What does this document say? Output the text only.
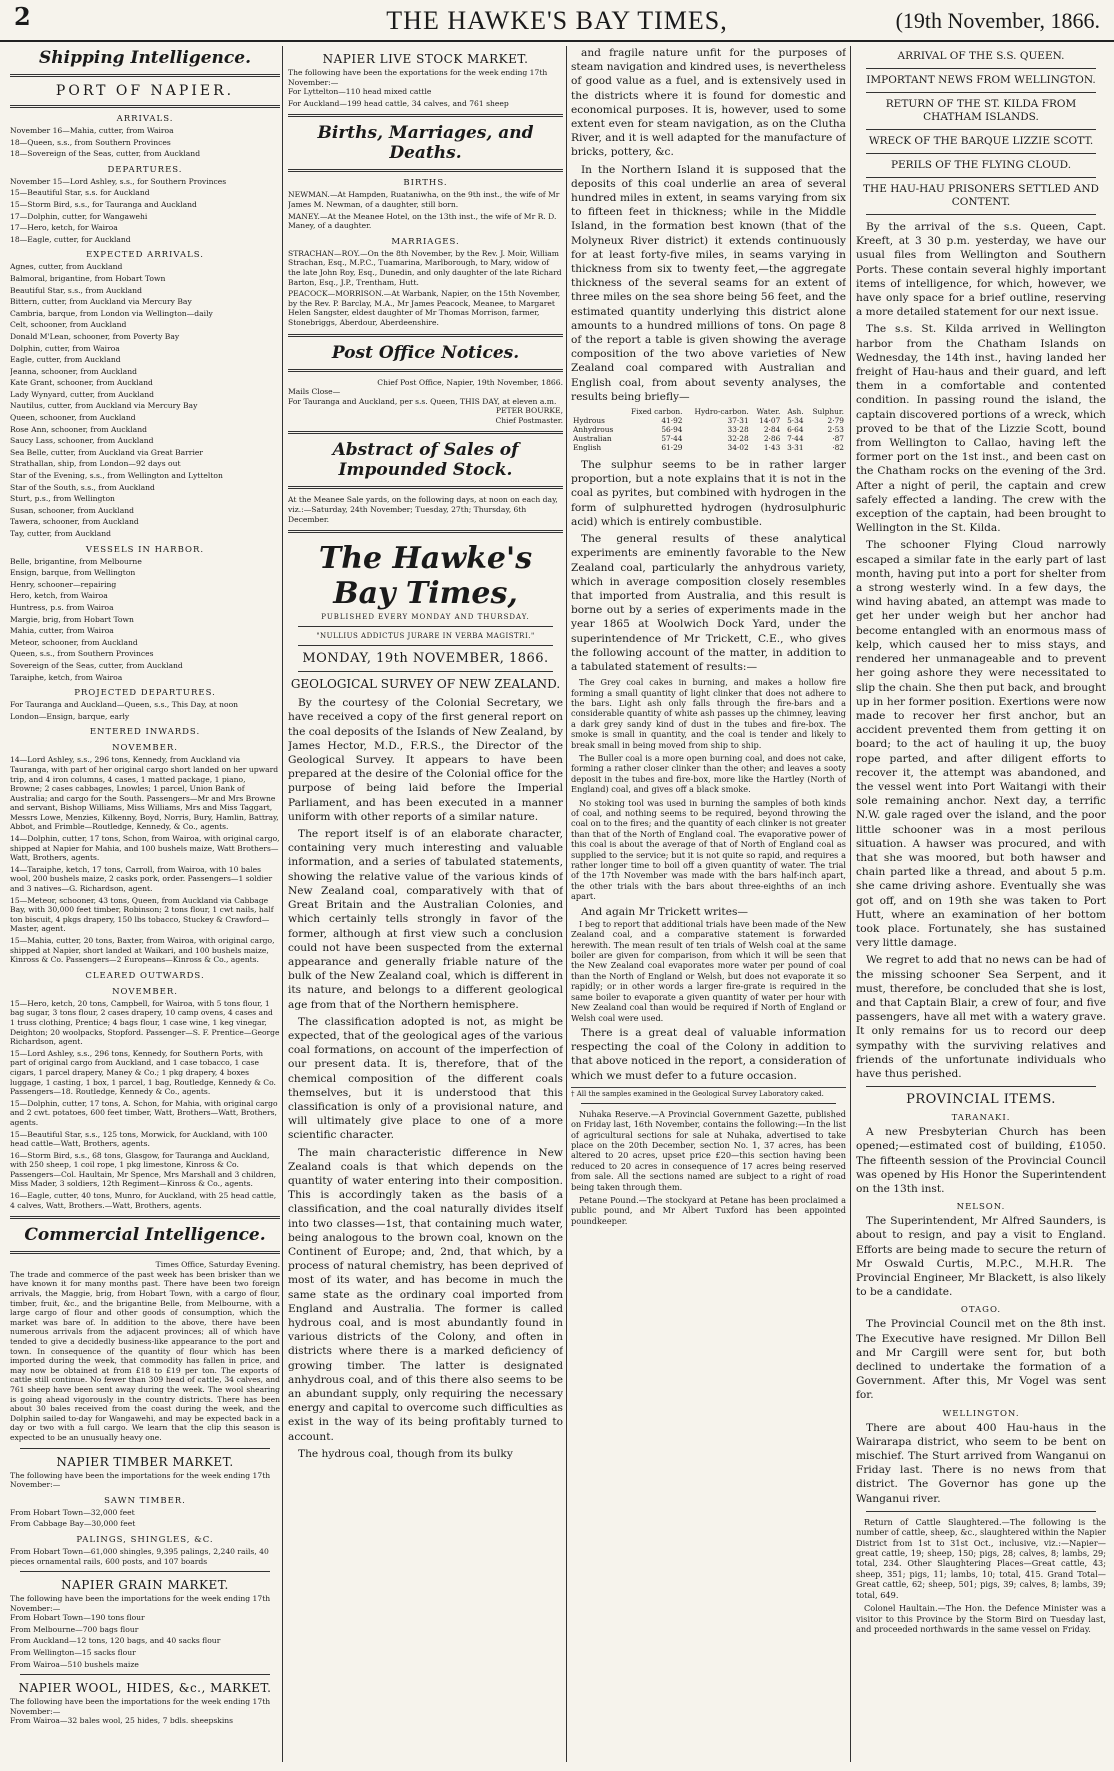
2	THE HAWKE'S BAY TIMES,	(19th November, 1866.
Shipping Intelligence.
PORT OF NAPIER.
ARRIVALS.

November 16—Mahia, cutter, from Wairoa

18—Queen, s.s., from Southern Provinces

18—Sovereign of the Seas, cutter, from Auckland

DEPARTURES.

November 15—Lord Ashley, s.s., for Southern Provinces

15—Beautiful Star, s.s. for Auckland

15—Storm Bird, s.s., for Tauranga and Auckland

17—Dolphin, cutter, for Wangawehi

17—Hero, ketch, for Wairoa

18—Eagle, cutter, for Auckland

EXPECTED ARRIVALS.

Agnes, cutter, from Auckland

Balmoral, brigantine, from Hobart Town

Beautiful Star, s.s., from Auckland

Bittern, cutter, from Auckland via Mercury Bay

Cambria, barque, from London via Wellington—daily

Celt, schooner, from Auckland

Donald M'Lean, schooner, from Poverty Bay

Dolphin, cutter, from Wairoa

Eagle, cutter, from Auckland

Jeanna, schooner, from Auckland

Kate Grant, schooner, from Auckland

Lady Wynyard, cutter, from Auckland

Nautilus, cutter, from Auckland via Mercury Bay

Queen, schooner, from Auckland

Rose Ann, schooner, from Auckland

Saucy Lass, schooner, from Auckland

Sea Belle, cutter, from Auckland via Great Barrier

Strathallan, ship, from London—92 days out

Star of the Evening, s.s., from Wellington and Lyttelton

Star of the South, s.s., from Auckland

Sturt, p.s., from Wellington

Susan, schooner, from Auckland

Tawera, schooner, from Auckland

Tay, cutter, from Auckland

VESSELS IN HARBOR.

Belle, brigantine, from Melbourne

Ensign, barque, from Wellington

Henry, schooner—repairing

Hero, ketch, from Wairoa

Huntress, p.s. from Wairoa

Margie, brig, from Hobart Town

Mahia, cutter, from Wairoa

Meteor, schooner, from Auckland

Queen, s.s., from Southern Provinces

Sovereign of the Seas, cutter, from Auckland

Taraiphe, ketch, from Wairoa

PROJECTED DEPARTURES.

For Tauranga and Auckland—Queen, s.s., This Day, at noon

London—Ensign, barque, early

ENTERED INWARDS.
NOVEMBER.

14—Lord Ashley, s.s., 296 tons, Kennedy, from Auckland via Tauranga, with part of her original cargo short landed on her upward trip, and 4 iron columns, 4 cases, 1 matted package, 1 piano, Browne; 2 cases cabbages, Lnowles; 1 parcel, Union Bank of Australia; and cargo for the South. Passengers—Mr and Mrs Browne and servant, Bishop Williams, Miss Williams, Mrs and Miss Taggart, Messrs Lowe, Menzies, Kilkenny, Boyd, Norris, Bury, Hamlin, Battray, Abbot, and Frimble—Routledge, Kennedy, & Co., agents.

14—Dolphin, cutter, 17 tons, Schon, from Wairoa, with original cargo, shipped at Napier for Mahia, and 100 bushels maize, Watt Brothers—Watt, Brothers, agents.

14—Taraiphe, ketch, 17 tons, Carroll, from Wairoa, with 10 bales wool, 200 bushels maize, 2 casks pork, order. Passengers—1 soldier and 3 natives—G. Richardson, agent.

15—Meteor, schooner, 43 tons, Queen, from Auckland via Cabbage Bay, with 30,000 feet timber, Robinson; 2 tons flour, 1 cwt nails, half ton biscuit, 4 pkgs drapery, 150 lbs tobacco, Stuckey & Crawford—Master, agent.

15—Mahia, cutter, 20 tons, Baxter, from Wairoa, with original cargo, shipped at Napier, short landed at Waikari, and 100 bushels maize, Kinross & Co. Passengers—2 Europeans—Kinross & Co., agents.

CLEARED OUTWARDS.
NOVEMBER.

15—Hero, ketch, 20 tons, Campbell, for Wairoa, with 5 tons flour, 1 bag sugar, 3 tons flour, 2 cases drapery, 10 camp ovens, 4 cases and 1 truss clothing, Prentice; 4 bags flour, 1 case wine, 1 keg vinegar, Deighton; 20 woolpacks, Stopford. Passenger—S. F. Prentice—George Richardson, agent.

15—Lord Ashley, s.s., 296 tons, Kennedy, for Southern Ports, with part of original cargo from Auckland, and 1 case tobacco, 1 case cigars, 1 parcel drapery, Maney & Co.; 1 pkg drapery, 4 boxes luggage, 1 casting, 1 box, 1 parcel, 1 bag, Routledge, Kennedy & Co. Passengers—18. Routledge, Kennedy & Co., agents.

15—Dolphin, cutter, 17 tons, A. Schon, for Mahia, with original cargo and 2 cwt. potatoes, 600 feet timber, Watt, Brothers—Watt, Brothers, agents.

15—Beautiful Star, s.s., 125 tons, Morwick, for Auckland, with 100 head cattle—Watt, Brothers, agents.

16—Storm Bird, s.s., 68 tons, Glasgow, for Tauranga and Auckland, with 250 sheep, 1 coil rope, 1 pkg limestone, Kinross & Co. Passengers—Col. Haultain, Mr Spence, Mrs Marshall and 3 children, Miss Mader, 3 soldiers, 12th Regiment—Kinross & Co., agents.

16—Eagle, cutter, 40 tons, Munro, for Auckland, with 25 head cattle, 4 calves, Watt, Brothers.—Watt, Brothers, agents.

Commercial Intelligence.
Times Office, Saturday Evening.
The trade and commerce of the past week has been brisker than we have known it for many months past. There have been two foreign arrivals, the Maggie, brig, from Hobart Town, with a cargo of flour, timber, fruit, &c., and the brigantine Belle, from Melbourne, with a large cargo of flour and other goods of consumption, which the market was bare of. In addition to the above, there have been numerous arrivals from the adjacent provinces; all of which have tended to give a decidedly business-like appearance to the port and town. In consequence of the quantity of flour which has been imported during the week, that commodity has fallen in price, and may now be obtained at from £18 to £19 per ton. The exports of cattle still continue. No fewer than 309 head of cattle, 34 calves, and 761 sheep have been sent away during the week. The wool shearing is going ahead vigorously in the country districts. There has been about 30 bales received from the coast during the week, and the Dolphin sailed to-day for Wangawehi, and may be expected back in a day or two with a full cargo. We learn that the clip this season is expected to be an unusually heavy one.
NAPIER TIMBER MARKET.
The following have been the importations for the week ending 17th November:—
SAWN TIMBER.

From Hobart Town—32,000 feet

From Cabbage Bay—30,000 feet

PALINGS, SHINGLES, &C.
From Hobart Town—61,000 shingles, 9,395 palings, 2,240 rails, 40 pieces ornamental rails, 600 posts, and 107 boards
NAPIER GRAIN MARKET.
The following have been the importations for the week ending 17th November:—

From Hobart Town—190 tons flour

From Melbourne—700 bags flour

From Auckland—12 tons, 120 bags, and 40 sacks flour

From Wellington—15 sacks flour

From Wairoa—510 bushels maize

NAPIER WOOL, HIDES, &c., MARKET.
The following have been the importations for the week ending 17th November:—
From Wairoa—32 bales wool, 25 hides, 7 bdls. sheepskins
NAPIER LIVE STOCK MARKET.
The following have been the exportations for the week ending 17th November:—

For Lyttelton—110 head mixed cattle

For Auckland—199 head cattle, 34 calves, and 761 sheep

Births, Marriages, and Deaths.
BIRTHS.

NEWMAN.—At Hampden, Ruataniwha, on the 9th inst., the wife of Mr James M. Newman, of a daughter, still born.

MANEY.—At the Meanee Hotel, on the 13th inst., the wife of Mr R. D. Maney, of a daughter.

MARRIAGES.

STRACHAN—ROY.—On the 8th November, by the Rev. J. Moir, William Strachan, Esq., M.P.C., Tuamarina, Marlborough, to Mary, widow of the late John Roy, Esq., Dunedin, and only daughter of the late Richard Barton, Esq., J.P., Trentham, Hutt.

PEACOCK—MORRISON.—At Warbank, Napier, on the 15th November, by the Rev. P. Barclay, M.A., Mr James Peacock, Meanee, to Margaret Helen Sangster, eldest daughter of Mr Thomas Morrison, farmer, Stonebriggs, Aberdour, Aberdeenshire.

Post Office Notices.
Chief Post Office, Napier, 19th November, 1866.
Mails Close—
For Tauranga and Auckland, per s.s. Queen, THIS DAY, at eleven a.m.
PETER BOURKE,
Chief Postmaster.
Abstract of Sales of Impounded Stock.
At the Meanee Sale yards, on the following days, at noon on each day, viz.:—Saturday, 24th November; Tuesday, 27th; Thursday, 6th December.
The Hawke's Bay Times,
PUBLISHED EVERY MONDAY AND THURSDAY.
"NULLIUS ADDICTUS JURARE IN VERBA MAGISTRI."
MONDAY, 19th NOVEMBER, 1866.
GEOLOGICAL SURVEY OF NEW ZEALAND.

By the courtesy of the Colonial Secretary, we have received a copy of the first general report on the coal deposits of the Islands of New Zealand, by James Hector, M.D., F.R.S., the Director of the Geological Survey. It appears to have been prepared at the desire of the Colonial office for the purpose of being laid before the Imperial Parliament, and has been executed in a manner uniform with other reports of a similar nature.

The report itself is of an elaborate character, containing very much interesting and valuable information, and a series of tabulated statements, showing the relative value of the various kinds of New Zealand coal, comparatively with that of Great Britain and the Australian Colonies, and which certainly tells strongly in favor of the former, although at first view such a conclusion could not have been suspected from the external appearance and generally friable nature of the bulk of the New Zealand coal, which is different in its nature, and belongs to a different geological age from that of the Northern hemisphere.

The classification adopted is not, as might be expected, that of the geological ages of the various coal formations, on account of the imperfection of our present data. It is, therefore, that of the chemical composition of the different coals themselves, but it is understood that this classification is only of a provisional nature, and will ultimately give place to one of a more scientific character.

The main characteristic difference in New Zealand coals is that which depends on the quantity of water entering into their composition. This is accordingly taken as the basis of a classification, and the coal naturally divides itself into two classes—1st, that containing much water, being analogous to the brown coal, known on the Continent of Europe; and, 2nd, that which, by a process of natural chemistry, has been deprived of most of its water, and has become in much the same state as the ordinary coal imported from England and Australia. The former is called hydrous coal, and is most abundantly found in various districts of the Colony, and often in districts where there is a marked deficiency of growing timber. The latter is designated anhydrous coal, and of this there also seems to be an abundant supply, only requiring the necessary energy and capital to overcome such difficulties as exist in the way of its being profitably turned to account.

The hydrous coal, though from its bulky

and fragile nature unfit for the purposes of steam navigation and kindred uses, is nevertheless of good value as a fuel, and is extensively used in the districts where it is found for domestic and economical purposes. It is, however, used to some extent even for steam navigation, as on the Clutha River, and it is well adapted for the manufacture of bricks, pottery, &c.

In the Northern Island it is supposed that the deposits of this coal underlie an area of several hundred miles in extent, in seams varying from six to fifteen feet in thickness; while in the Middle Island, in the formation best known (that of the Molyneux River district) it extends continuously for at least forty-five miles, in seams varying in thickness from six to twenty feet,—the aggregate thickness of the several seams for an extent of three miles on the sea shore being 56 feet, and the estimated quantity underlying this district alone amounts to a hundred millions of tons. On page 8 of the report a table is given showing the average composition of the two above varieties of New Zealand coal compared with Australian and English coal, from about seventy analyses, the results being briefly—

	Fixed carbon.	Hydro-carbon.	Water.	Ash.	Sulphur.
Hydrous	41·92	37·31	14·07	5·34	2·79
Anhydrous	56·94	33·28	2·84	6·64	2·53
Australian	57·44	32·28	2·86	7·44	·87
English	61·29	34·02	1·43	3·31	·82

The sulphur seems to be in rather larger proportion, but a note explains that it is not in the coal as pyrites, but combined with hydrogen in the form of sulphuretted hydrogen (hydrosulphuric acid) which is entirely combustible.

The general results of these analytical experiments are eminently favorable to the New Zealand coal, particularly the anhydrous variety, which in average composition closely resembles that imported from Australia, and this result is borne out by a series of experiments made in the year 1865 at Woolwich Dock Yard, under the superintendence of Mr Trickett, C.E., who gives the following account of the matter, in addition to a tabulated statement of results:—

The Grey coal cakes in burning, and makes a hollow fire forming a small quantity of light clinker that does not adhere to the bars. Light ash only falls through the fire-bars and a considerable quantity of white ash passes up the chimney, leaving a dark grey sandy kind of dust in the tubes and fire-box. The smoke is small in quantity, and the coal is tender and likely to break small in being moved from ship to ship.

The Buller coal is a more open burning coal, and does not cake, forming a rather closer clinker than the other; and leaves a sooty deposit in the tubes and fire-box, more like the Hartley (North of England) coal, and gives off a black smoke.

No stoking tool was used in burning the samples of both kinds of coal, and nothing seems to be required, beyond throwing the coal on to the fires; and the quantity of each clinker is not greater than that of the North of England coal. The evaporative power of this coal is about the average of that of North of England coal as supplied to the service; but it is not quite so rapid, and requires a rather longer time to boil off a given quantity of water. The trial of the 17th November was made with the bars half-inch apart, the other trials with the bars about three-eighths of an inch apart.

And again Mr Trickett writes—

I beg to report that additional trials have been made of the New Zealand coal, and a comparative statement is forwarded herewith. The mean result of ten trials of Welsh coal at the same boiler are given for comparison, from which it will be seen that the New Zealand coal evaporates more water per pound of coal than the North of England or Welsh, but does not evaporate it so rapidly; or in other words a larger fire-grate is required in the same boiler to evaporate a given quantity of water per hour with New Zealand coal than would be required if North of England or Welsh coal were used.

There is a great deal of valuable information respecting the coal of the Colony in addition to that above noticed in the report, a consideration of which we must defer to a future occasion.

† All the samples examined in the Geological Survey Laboratory caked.

Nuhaka Reserve.—A Provincial Government Gazette, published on Friday last, 16th November, contains the following:—In the list of agricultural sections for sale at Nuhaka, advertised to take place on the 20th December, section No. 1, 37 acres, has been altered to 20 acres, upset price £20—this section having been reduced to 20 acres in consequence of 17 acres being reserved from sale. All the sections named are subject to a right of road being taken through them.

Petane Pound.—The stockyard at Petane has been proclaimed a public pound, and Mr Albert Tuxford has been appointed poundkeeper.

ARRIVAL OF THE S.S. QUEEN.
IMPORTANT NEWS FROM WELLINGTON.
RETURN OF THE ST. KILDA FROM CHATHAM ISLANDS.
WRECK OF THE BARQUE LIZZIE SCOTT.
PERILS OF THE FLYING CLOUD.
THE HAU-HAU PRISONERS SETTLED AND CONTENT.

By the arrival of the s.s. Queen, Capt. Kreeft, at 3 30 p.m. yesterday, we have our usual files from Wellington and Southern Ports. These contain several highly important items of intelligence, for which, however, we have only space for a brief outline, reserving a more detailed statement for our next issue.

The s.s. St. Kilda arrived in Wellington harbor from the Chatham Islands on Wednesday, the 14th inst., having landed her freight of Hau-haus and their guard, and left them in a comfortable and contented condition. In passing round the island, the captain discovered portions of a wreck, which proved to be that of the Lizzie Scott, bound from Wellington to Callao, having left the former port on the 1st inst., and been cast on the Chatham rocks on the evening of the 3rd. After a night of peril, the captain and crew safely effected a landing. The crew with the exception of the captain, had been brought to Wellington in the St. Kilda.

The schooner Flying Cloud narrowly escaped a similar fate in the early part of last month, having put into a port for shelter from a strong westerly wind. In a few days, the wind having abated, an attempt was made to get her under weigh but her anchor had become entangled with an enormous mass of kelp, which caused her to miss stays, and rendered her unmanageable and to prevent her going ashore they were necessitated to slip the chain. She then put back, and brought up in her former position. Exertions were now made to recover her first anchor, but an accident prevented them from getting it on board; to the act of hauling it up, the buoy rope parted, and after diligent efforts to recover it, the attempt was abandoned, and the vessel went into Port Waitangi with their sole remaining anchor. Next day, a terrific N.W. gale raged over the island, and the poor little schooner was in a most perilous situation. A hawser was procured, and with that she was moored, but both hawser and chain parted like a thread, and about 5 p.m. she came driving ashore. Eventually she was got off, and on 19th she was taken to Port Hutt, where an examination of her bottom took place. Fortunately, she has sustained very little damage.

We regret to add that no news can be had of the missing schooner Sea Serpent, and it must, therefore, be concluded that she is lost, and that Captain Blair, a crew of four, and five passengers, have all met with a watery grave. It only remains for us to record our deep sympathy with the surviving relatives and friends of the unfortunate individuals who have thus perished.

PROVINCIAL ITEMS.
TARANAKI.

A new Presbyterian Church has been opened;—estimated cost of building, £1050. The fifteenth session of the Provincial Council was opened by His Honor the Superintendent on the 13th inst.

NELSON.

The Superintendent, Mr Alfred Saunders, is about to resign, and pay a visit to England. Efforts are being made to secure the return of Mr Oswald Curtis, M.P.C., M.H.R. The Provincial Engineer, Mr Blackett, is also likely to be a candidate.

OTAGO.

The Provincial Council met on the 8th inst. The Executive have resigned. Mr Dillon Bell and Mr Cargill were sent for, but both declined to undertake the formation of a Government. After this, Mr Vogel was sent for.

WELLINGTON.

There are about 400 Hau-haus in the Wairarapa district, who seem to be bent on mischief. The Sturt arrived from Wanganui on Friday last. There is no news from that district. The Governor has gone up the Wanganui river.

Return of Cattle Slaughtered.—The following is the number of cattle, sheep, &c., slaughtered within the Napier District from 1st to 31st Oct., inclusive, viz.:—Napier—great cattle, 19; sheep, 150; pigs, 28; calves, 8; lambs, 29; total, 234. Other Slaughtering Places—Great cattle, 43; sheep, 351; pigs, 11; lambs, 10; total, 415. Grand Total—Great cattle, 62; sheep, 501; pigs, 39; calves, 8; lambs, 39; total, 649.

Colonel Haultain.—The Hon. the Defence Minister was a visitor to this Province by the Storm Bird on Tuesday last, and proceeded northwards in the same vessel on Friday.
